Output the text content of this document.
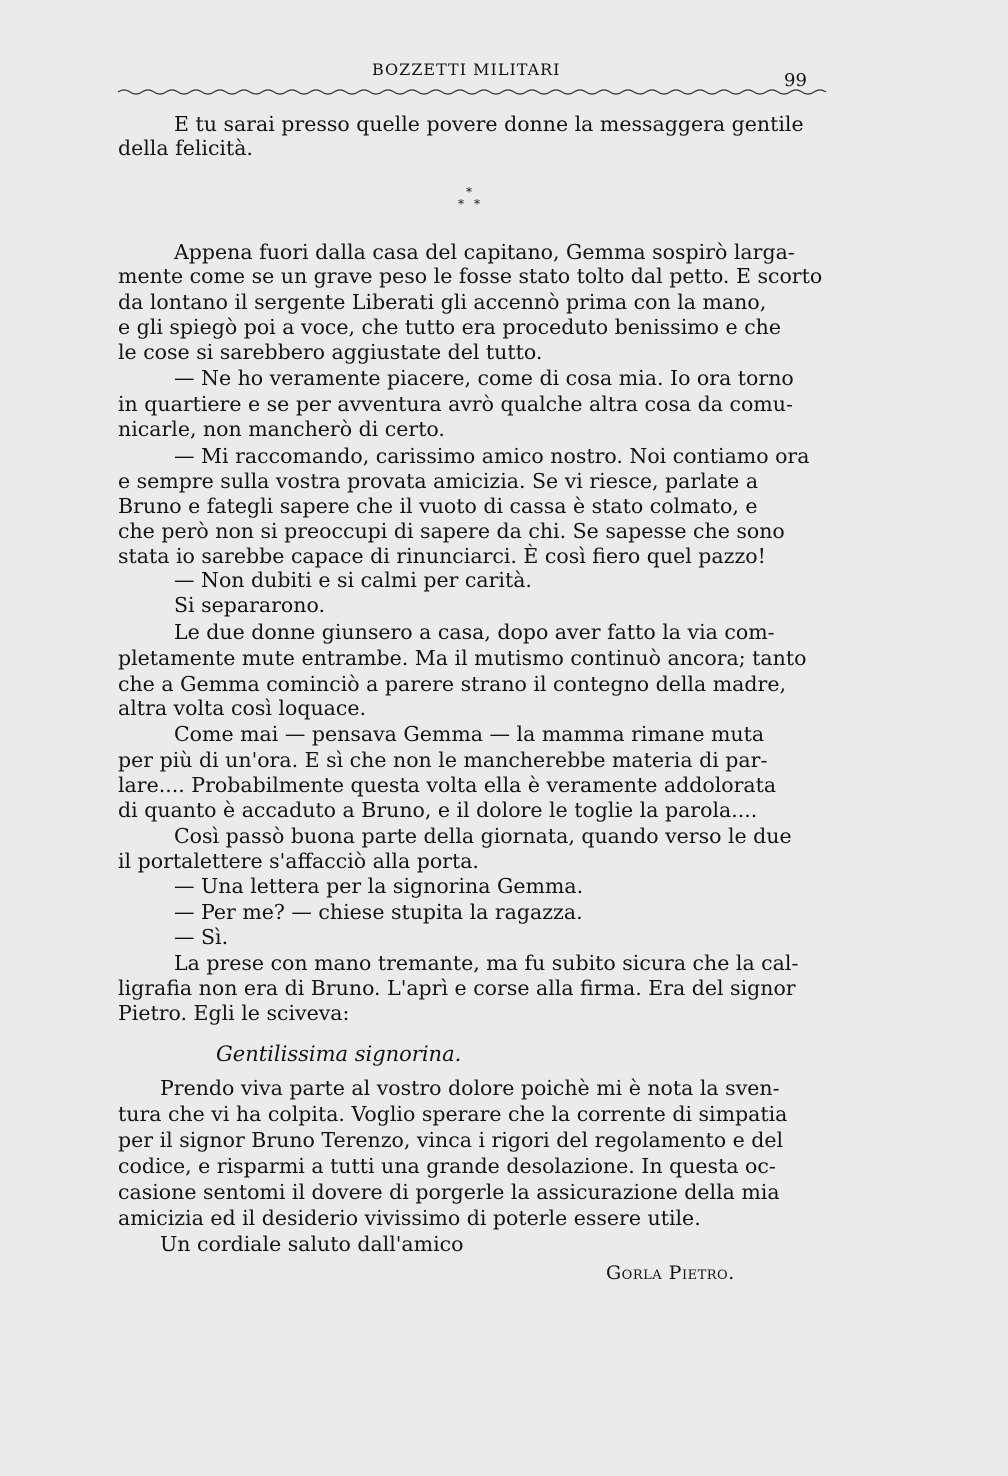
BOZZETTI MILITARI
99
*
* *
E tu sarai presso quelle povere donne la messaggera gentile
della felicità.
Appena fuori dalla casa del capitano, Gemma sospirò larga-
mente come se un grave peso le fosse stato tolto dal petto. E scorto
da lontano il sergente Liberati gli accennò prima con la mano,
e gli spiegò poi a voce, che tutto era proceduto benissimo e che
le cose si sarebbero aggiustate del tutto.
— Ne ho veramente piacere, come di cosa mia. Io ora torno
in quartiere e se per avventura avrò qualche altra cosa da comu-
nicarle, non mancherò di certo.
— Mi raccomando, carissimo amico nostro. Noi contiamo ora
e sempre sulla vostra provata amicizia. Se vi riesce, parlate a
Bruno e fategli sapere che il vuoto di cassa è stato colmato, e
che però non si preoccupi di sapere da chi. Se sapesse che sono
stata io sarebbe capace di rinunciarci. È così fiero quel pazzo!
— Non dubiti e si calmi per carità.
Si separarono.
Le due donne giunsero a casa, dopo aver fatto la via com-
pletamente mute entrambe. Ma il mutismo continuò ancora; tanto
che a Gemma cominciò a parere strano il contegno della madre,
altra volta così loquace.
Come mai — pensava Gemma — la mamma rimane muta
per più di un'ora. E sì che non le mancherebbe materia di par-
lare.... Probabilmente questa volta ella è veramente addolorata
di quanto è accaduto a Bruno, e il dolore le toglie la parola....
Così passò buona parte della giornata, quando verso le due
il portalettere s'affacciò alla porta.
— Una lettera per la signorina Gemma.
— Per me? — chiese stupita la ragazza.
— Sì.
La prese con mano tremante, ma fu subito sicura che la cal-
ligrafia non era di Bruno. L'aprì e corse alla firma. Era del signor
Pietro. Egli le sciveva:
Prendo viva parte al vostro dolore poichè mi è nota la sven-
tura che vi ha colpita. Voglio sperare che la corrente di simpatia
per il signor Bruno Terenzo, vinca i rigori del regolamento e del
codice, e risparmi a tutti una grande desolazione. In questa oc-
casione sentomi il dovere di porgerle la assicurazione della mia
amicizia ed il desiderio vivissimo di poterle essere utile.
Un cordiale saluto dall'amico
Gentilissima signorina.
Gorla Pietro.
